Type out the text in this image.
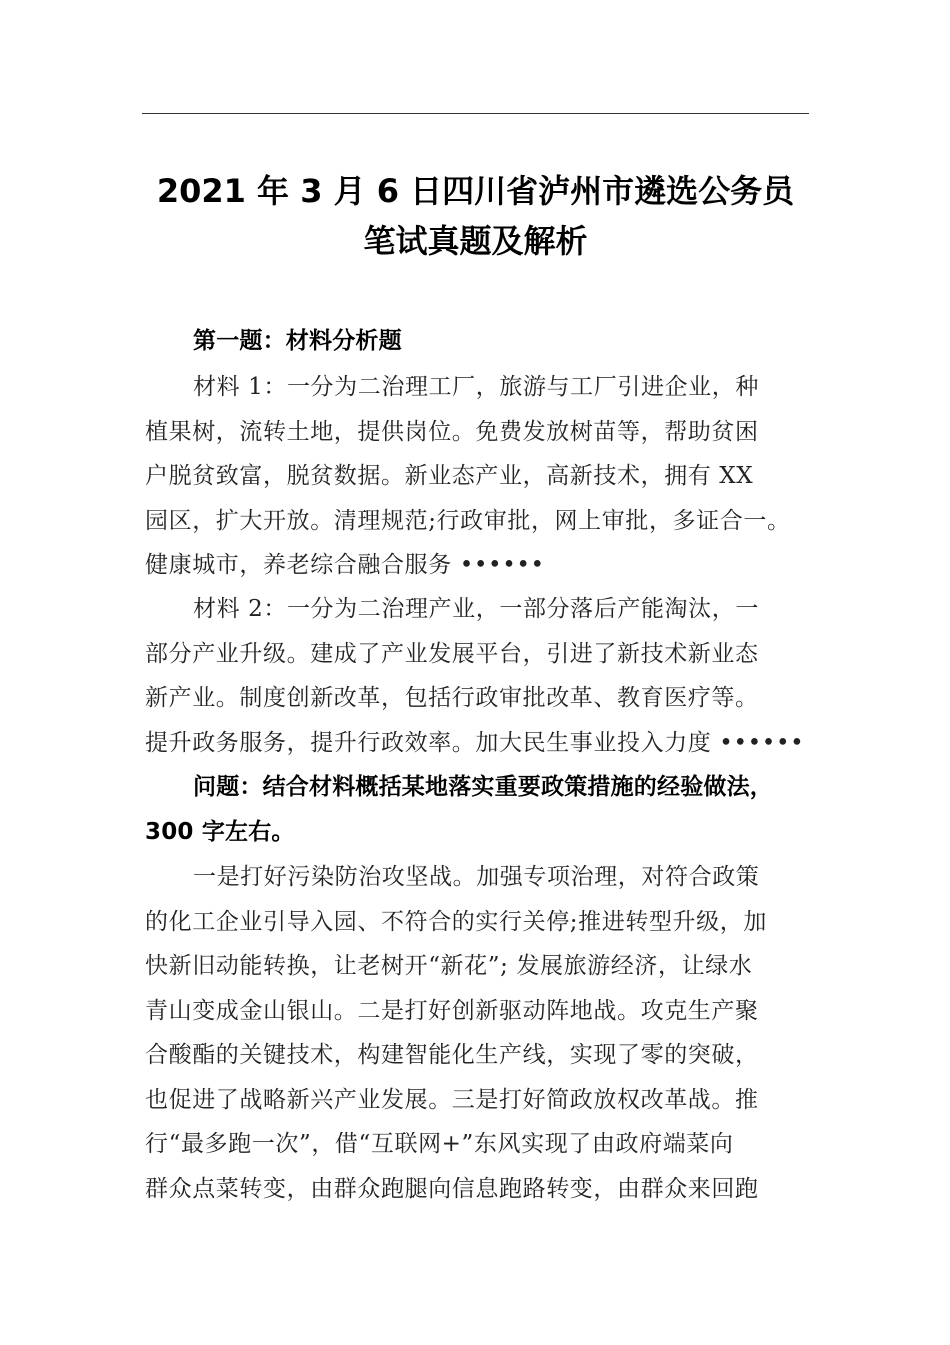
2021 年 3 月 6 日四川省泸州市遴选公务员
笔试真题及解析
第一题：材料分析题
材料 1：一分为二治理工厂，旅游与工厂引进企业，种
植果树，流转土地，提供岗位。免费发放树苗等，帮助贫困
户脱贫致富，脱贫数据。新业态产业，高新技术，拥有 XX
园区，扩大开放。清理规范;行政审批，网上审批，多证合一。
健康城市，养老综合融合服务 ••••••
材料 2：一分为二治理产业，一部分落后产能淘汰，一
部分产业升级。建成了产业发展平台，引进了新技术新业态
新产业。制度创新改革，包括行政审批改革、教育医疗等。
提升政务服务，提升行政效率。加大民生事业投入力度 ••••••
问题：结合材料概括某地落实重要政策措施的经验做法，
300 字左右。
一是打好污染防治攻坚战。加强专项治理，对符合政策
的化工企业引导入园、不符合的实行关停;推进转型升级，加
快新旧动能转换，让老树开“新花”; 发展旅游经济，让绿水
青山变成金山银山。二是打好创新驱动阵地战。攻克生产聚
合酸酯的关键技术，构建智能化生产线，实现了零的突破，
也促进了战略新兴产业发展。三是打好简政放权改革战。推
行“最多跑一次”，借“互联网+”东风实现了由政府端菜向
群众点菜转变，由群众跑腿向信息跑路转变，由群众来回跑
